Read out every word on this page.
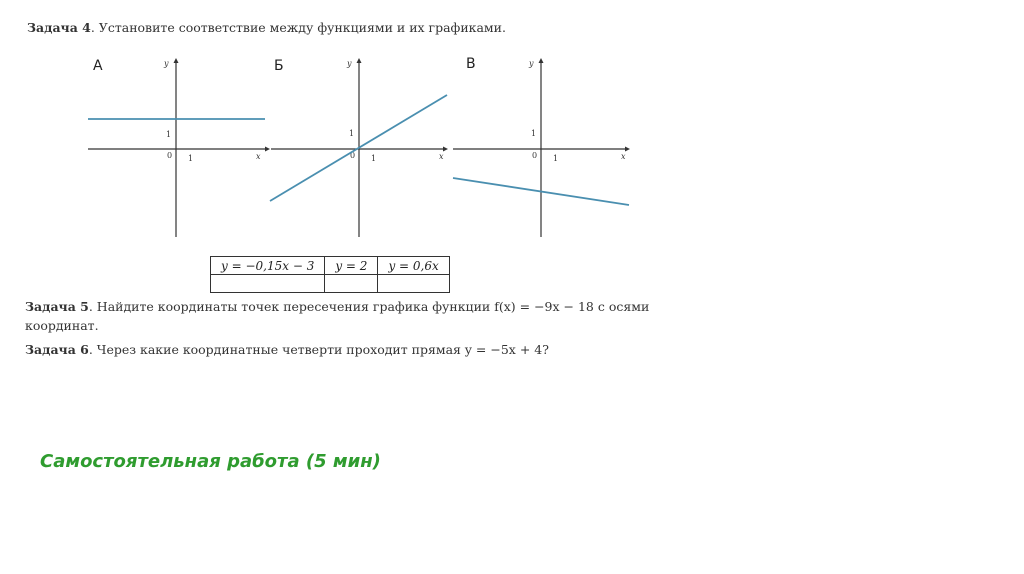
Задача 4. Установите соответствие между функциями и их графиками.
А	y
x
1
0 1
Б	y
x
1
0 1
В	y
x
1
0 1
y = −0,15x − 3	y = 2	y = 0,6x

Задача 5. Найдите координаты точек пересечения графика функции f(x) = −9x − 18 с осями
координат.
Задача 6. Через какие координатные четверти проходит прямая y = −5x + 4?
Самостоятельная работа (5 мин)
